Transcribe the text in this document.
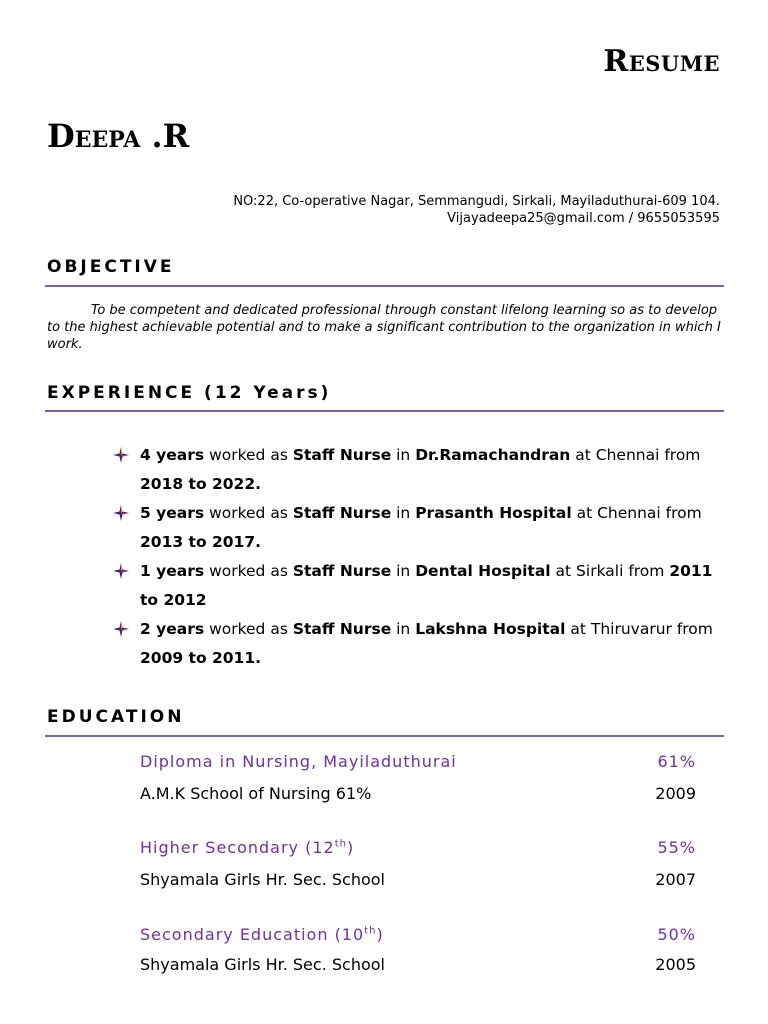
Resume
Deepa .R
NO:22, Co-operative Nagar, Semmangudi, Sirkali, Mayiladuthurai-609 104.
Vijayadeepa25@gmail.com / 9655053595
OBJECTIVE
To be competent and dedicated professional through constant lifelong learning so as to develop to the highest achievable potential and to make a significant contribution to the organization in which I work.
EXPERIENCE (12 Years)
4 years worked as Staff Nurse in Dr.Ramachandran at Chennai from 2018 to 2022.
5 years worked as Staff Nurse in Prasanth Hospital at Chennai from 2013 to 2017.
1 years worked as Staff Nurse in Dental Hospital at Sirkali from 2011 to 2012
2 years worked as Staff Nurse in Lakshna Hospital at Thiruvarur from 2009 to 2011.
EDUCATION
Diploma in Nursing, Mayiladuthurai	61%
A.M.K School of Nursing 61%	2009
Higher Secondary (12th)	55%
Shyamala Girls Hr. Sec. School	2007
Secondary Education (10th)	50%
Shyamala Girls Hr. Sec. School	2005
